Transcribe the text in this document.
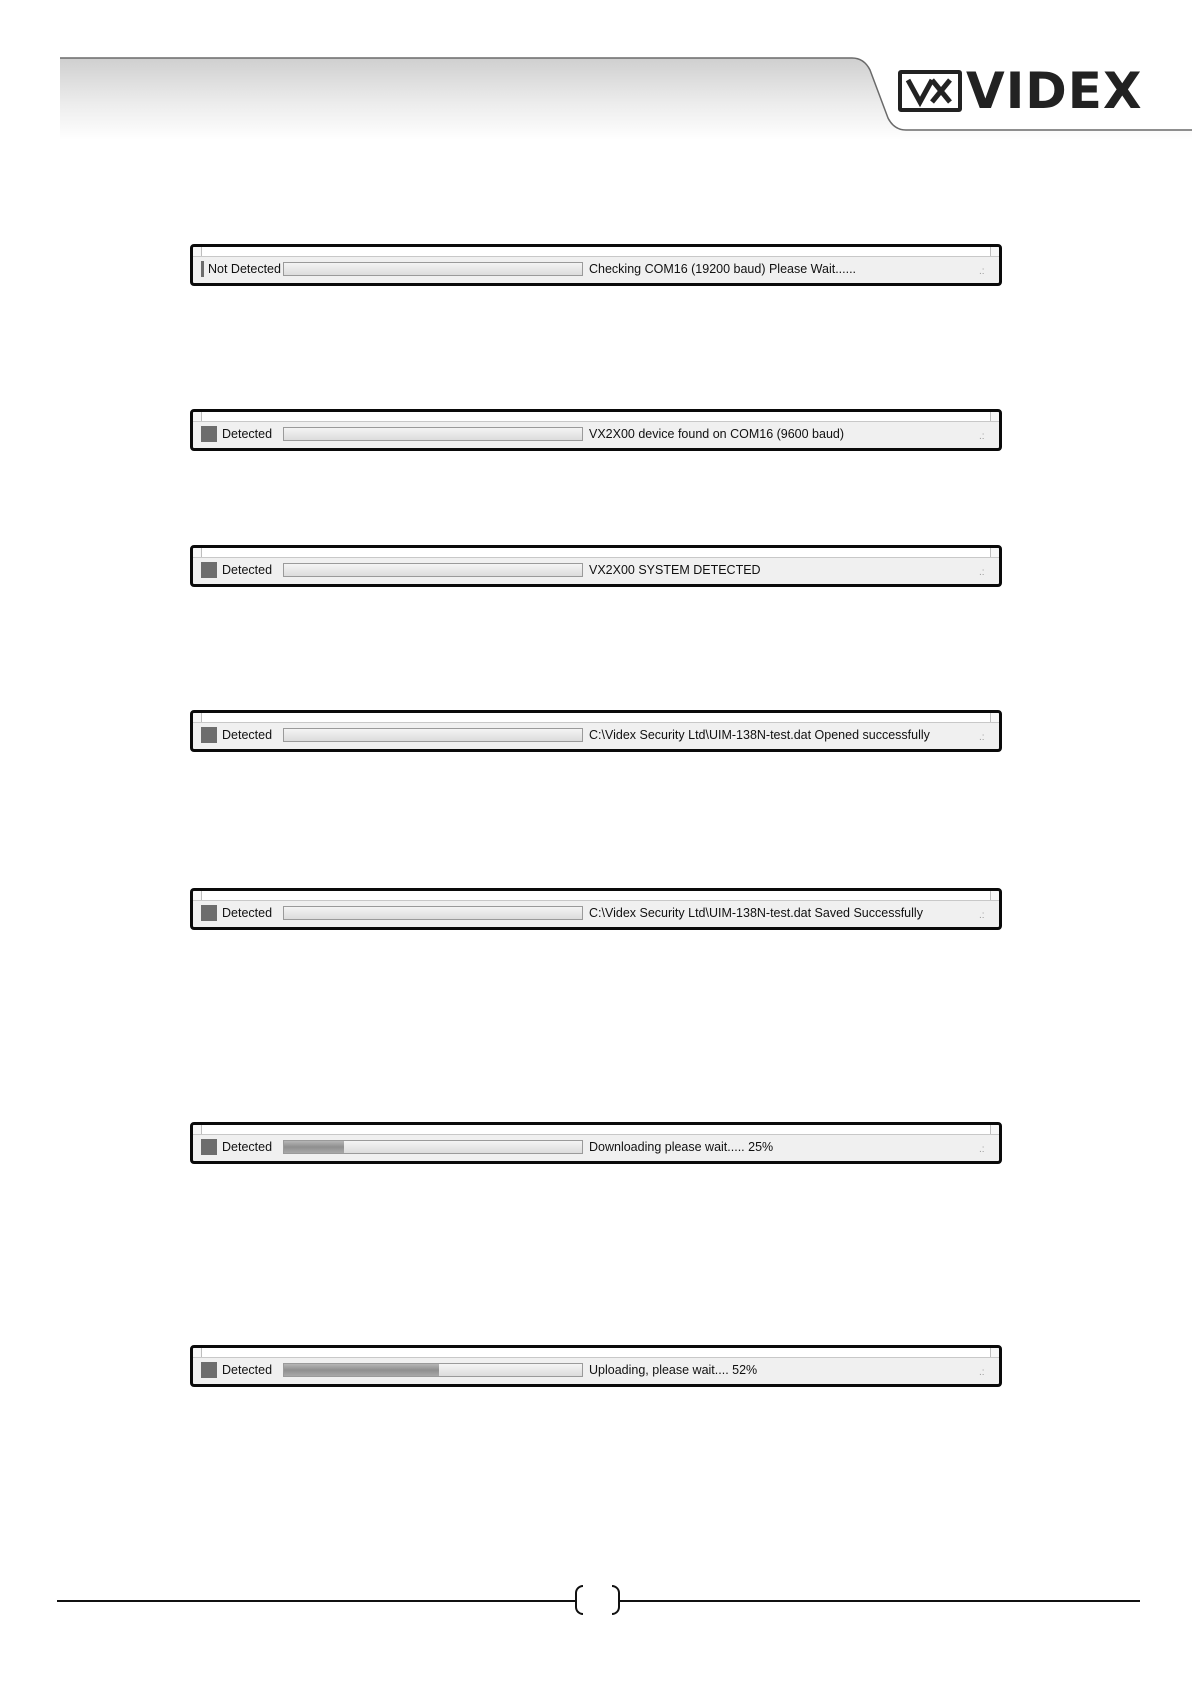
VIDEX
Not Detected	Checking COM16 (19200 baud) Please Wait......	.:
Detected	VX2X00 device found on COM16 (9600 baud)	.:
Detected	VX2X00 SYSTEM DETECTED	.:
Detected	C:\Videx Security Ltd\UIM-138N-test.dat Opened successfully	.:
Detected	C:\Videx Security Ltd\UIM-138N-test.dat Saved Successfully	.:
Detected	Downloading please wait..... 25%	.:
Detected	Uploading, please wait.... 52%	.:
